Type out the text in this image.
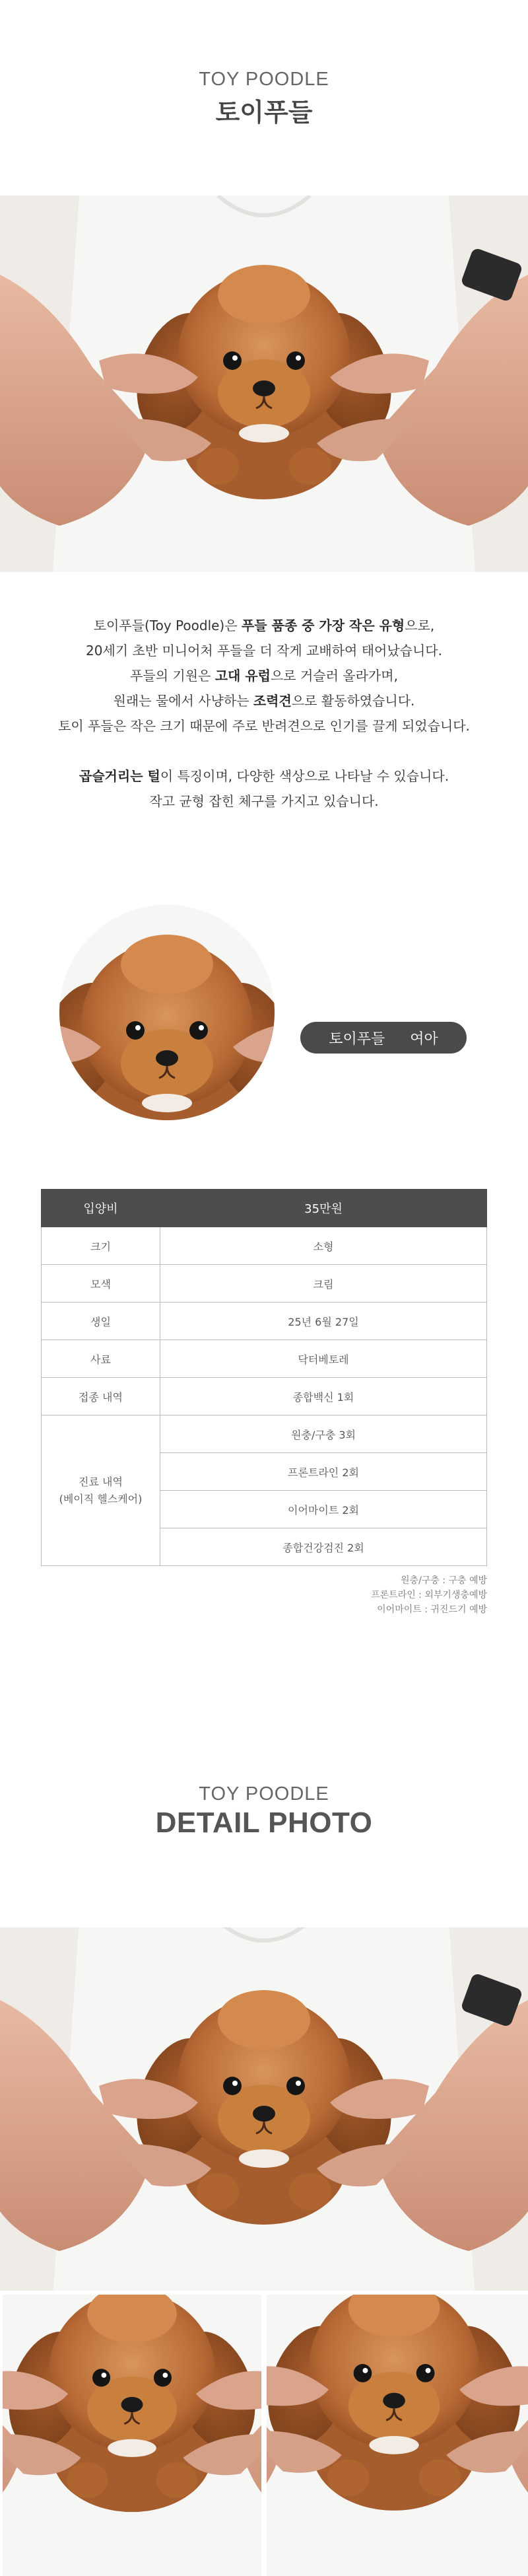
TOY POODLE
토이푸들

토이푸들(Toy Poodle)은 푸들 품종 중 가장 작은 유형으로,

20세기 초반 미니어처 푸들을 더 작게 교배하여 태어났습니다.

푸들의 기원은 고대 유럽으로 거슬러 올라가며,

원래는 물에서 사냥하는 조력견으로 활동하였습니다.

토이 푸들은 작은 크기 때문에 주로 반려견으로 인기를 끌게 되었습니다.

곱슬거리는 털이 특징이며, 다양한 색상으로 나타날 수 있습니다.

작고 균형 잡힌 체구를 가지고 있습니다.

토이푸들 여아
입양비	35만원
크기	소형
모색	크림
생일	25년 6월 27일
사료	닥터베토레
접종 내역	종합백신 1회

진료 내역
(베이직 헬스케어)	원충/구충 3회
	프론트라인 2회
	이어마이트 2회
	종합건강검진 2회
원충/구충 : 구충 예방
프론트라인 : 외부기생충예방
이어마이트 : 귀진드기 예방
TOY POODLE
DETAIL PHOTO
